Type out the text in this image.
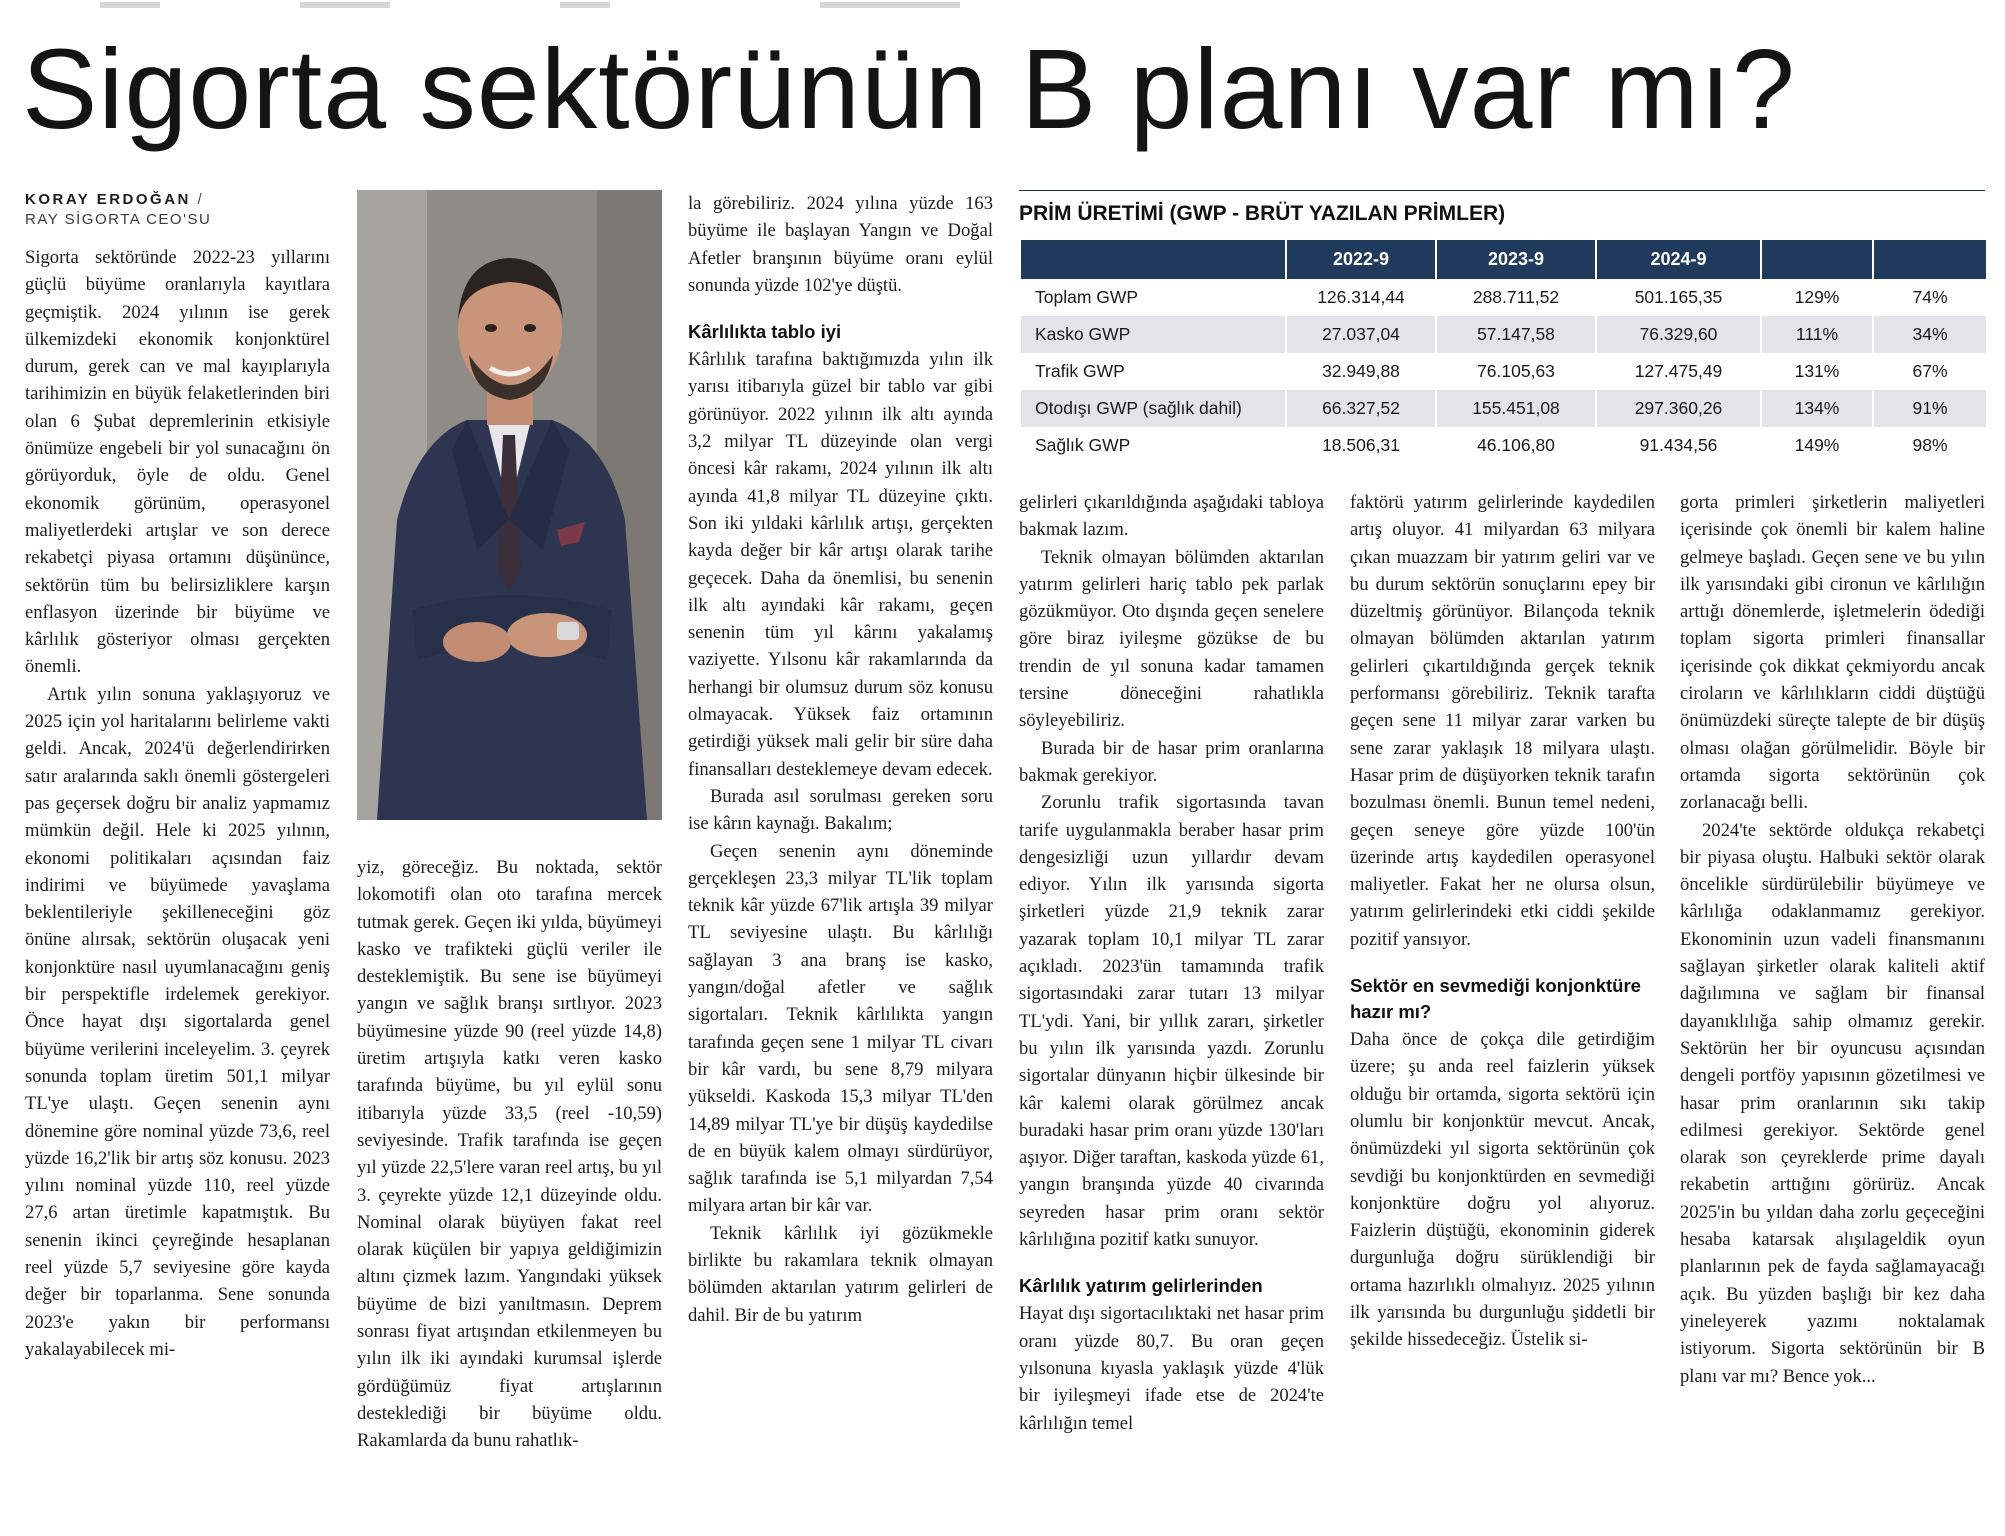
Sigorta sektörünün B planı var mı?
KORAY ERDOĞAN /
RAY SİGORTA CEO'SU

Sigorta sektöründe 2022-23 yıllarını güçlü büyüme oranlarıyla kayıtlara geçmiştik. 2024 yılının ise gerek ülkemizdeki ekonomik konjonktürel durum, gerek can ve mal kayıplarıyla tarihimizin en büyük felaketlerinden biri olan 6 Şubat depremlerinin etkisiyle önümüze engebeli bir yol sunacağını ön görüyorduk, öyle de oldu. Genel ekonomik görünüm, operasyonel maliyetlerdeki artışlar ve son derece rekabetçi piyasa ortamını düşününce, sektörün tüm bu belirsizliklere karşın enflasyon üzerinde bir büyüme ve kârlılık gösteriyor olması gerçekten önemli.

Artık yılın sonuna yaklaşıyoruz ve 2025 için yol haritalarını belirleme vakti geldi. Ancak, 2024'ü değerlendirirken satır aralarında saklı önemli göstergeleri pas geçersek doğru bir analiz yapmamız mümkün değil. Hele ki 2025 yılının, ekonomi politikaları açısından faiz indirimi ve büyümede yavaşlama beklentileriyle şekilleneceğini göz önüne alırsak, sektörün oluşacak yeni konjonktüre nasıl uyumlanacağını geniş bir perspektifle irdelemek gerekiyor. Önce hayat dışı sigortalarda genel büyüme verilerini inceleyelim. 3. çeyrek sonunda toplam üretim 501,1 milyar TL'ye ulaştı. Geçen senenin aynı dönemine göre nominal yüzde 73,6, reel yüzde 16,2'lik bir artış söz konusu. 2023 yılını nominal yüzde 110, reel yüzde 27,6 artan üretimle kapatmıştık. Bu senenin ikinci çeyreğinde hesaplanan reel yüzde 5,7 seviyesine göre kayda değer bir toparlanma. Sene sonunda 2023'e yakın bir performansı yakalayabilecek mi-

yiz, göreceğiz. Bu noktada, sektör lokomotifi olan oto tarafına mercek tutmak gerek. Geçen iki yılda, büyümeyi kasko ve trafikteki güçlü veriler ile desteklemiştik. Bu sene ise büyümeyi yangın ve sağlık branşı sırtlıyor. 2023 büyümesine yüzde 90 (reel yüzde 14,8) üretim artışıyla katkı veren kasko tarafında büyüme, bu yıl eylül sonu itibarıyla yüzde 33,5 (reel -10,59) seviyesinde. Trafik tarafında ise geçen yıl yüzde 22,5'lere varan reel artış, bu yıl 3. çeyrekte yüzde 12,1 düzeyinde oldu. Nominal olarak büyüyen fakat reel olarak küçülen bir yapıya geldiğimizin altını çizmek lazım. Yangındaki yüksek büyüme de bizi yanıltmasın. Deprem sonrası fiyat artışından etkilenmeyen bu yılın ilk iki ayındaki kurumsal işlerde gördüğümüz fiyat artışlarının desteklediği bir büyüme oldu. Rakamlarda da bunu rahatlık-

la görebiliriz. 2024 yılına yüzde 163 büyüme ile başlayan Yangın ve Doğal Afetler branşının büyüme oranı eylül sonunda yüzde 102'ye düştü.

Kârlılıkta tablo iyi

Kârlılık tarafına baktığımızda yılın ilk yarısı itibarıyla güzel bir tablo var gibi görünüyor. 2022 yılının ilk altı ayında 3,2 milyar TL düzeyinde olan vergi öncesi kâr rakamı, 2024 yılının ilk altı ayında 41,8 milyar TL düzeyine çıktı. Son iki yıldaki kârlılık artışı, gerçekten kayda değer bir kâr artışı olarak tarihe geçecek. Daha da önemlisi, bu senenin ilk altı ayındaki kâr rakamı, geçen senenin tüm yıl kârını yakalamış vaziyette. Yılsonu kâr rakamlarında da herhangi bir olumsuz durum söz konusu olmayacak. Yüksek faiz ortamının getirdiği yüksek mali gelir bir süre daha finansalları desteklemeye devam edecek.

Burada asıl sorulması gereken soru ise kârın kaynağı. Bakalım;

Geçen senenin aynı döneminde gerçekleşen 23,3 milyar TL'lik toplam teknik kâr yüzde 67'lik artışla 39 milyar TL seviyesine ulaştı. Bu kârlılığı sağlayan 3 ana branş ise kasko, yangın/doğal afetler ve sağlık sigortaları. Teknik kârlılıkta yangın tarafında geçen sene 1 milyar TL civarı bir kâr vardı, bu sene 8,79 milyara yükseldi. Kaskoda 15,3 milyar TL'den 14,89 milyar TL'ye bir düşüş kaydedilse de en büyük kalem olmayı sürdürüyor, sağlık tarafında ise 5,1 milyardan 7,54 milyara artan bir kâr var.

Teknik kârlılık iyi gözükmekle birlikte bu rakamlara teknik olmayan bölümden aktarılan yatırım gelirleri de dahil. Bir de bu yatırım

PRİM ÜRETİMİ (GWP - BRÜT YAZILAN PRİMLER)
	2022-9	2023-9	2024-9		
Toplam GWP	126.314,44	288.711,52	501.165,35	129%	74%
Kasko GWP	27.037,04	57.147,58	76.329,60	111%	34%
Trafik GWP	32.949,88	76.105,63	127.475,49	131%	67%
Otodışı GWP (sağlık dahil)	66.327,52	155.451,08	297.360,26	134%	91%
Sağlık GWP	18.506,31	46.106,80	91.434,56	149%	98%

gelirleri çıkarıldığında aşağıdaki tabloya bakmak lazım.

Teknik olmayan bölümden aktarılan yatırım gelirleri hariç tablo pek parlak gözükmüyor. Oto dışında geçen senelere göre biraz iyileşme gözükse de bu trendin de yıl sonuna kadar tamamen tersine döneceğini rahatlıkla söyleyebiliriz.

Burada bir de hasar prim oranlarına bakmak gerekiyor.

Zorunlu trafik sigortasında tavan tarife uygulanmakla beraber hasar prim dengesizliği uzun yıllardır devam ediyor. Yılın ilk yarısında sigorta şirketleri yüzde 21,9 teknik zarar yazarak toplam 10,1 milyar TL zarar açıkladı. 2023'ün tamamında trafik sigortasındaki zarar tutarı 13 milyar TL'ydi. Yani, bir yıllık zararı, şirketler bu yılın ilk yarısında yazdı. Zorunlu sigortalar dünyanın hiçbir ülkesinde bir kâr kalemi olarak görülmez ancak buradaki hasar prim oranı yüzde 130'ları aşıyor. Diğer taraftan, kaskoda yüzde 61, yangın branşında yüzde 40 civarında seyreden hasar prim oranı sektör kârlılığına pozitif katkı sunuyor.

Kârlılık yatırım gelirlerinden

Hayat dışı sigortacılıktaki net hasar prim oranı yüzde 80,7. Bu oran geçen yılsonuna kıyasla yaklaşık yüzde 4'lük bir iyileşmeyi ifade etse de 2024'te kârlılığın temel

faktörü yatırım gelirlerinde kaydedilen artış oluyor. 41 milyardan 63 milyara çıkan muazzam bir yatırım geliri var ve bu durum sektörün sonuçlarını epey bir düzeltmiş görünüyor. Bilançoda teknik olmayan bölümden aktarılan yatırım gelirleri çıkartıldığında gerçek teknik performansı görebiliriz. Teknik tarafta geçen sene 11 milyar zarar varken bu sene zarar yaklaşık 18 milyara ulaştı. Hasar prim de düşüyorken teknik tarafın bozulması önemli. Bunun temel nedeni, geçen seneye göre yüzde 100'ün üzerinde artış kaydedilen operasyonel maliyetler. Fakat her ne olursa olsun, yatırım gelirlerindeki etki ciddi şekilde pozitif yansıyor.

Sektör en sevmediği konjonktüre hazır mı?

Daha önce de çokça dile getirdiğim üzere; şu anda reel faizlerin yüksek olduğu bir ortamda, sigorta sektörü için olumlu bir konjonktür mevcut. Ancak, önümüzdeki yıl sigorta sektörünün çok sevdiği bu konjonktürden en sevmediği konjonktüre doğru yol alıyoruz. Faizlerin düştüğü, ekonominin giderek durgunluğa doğru sürüklendiği bir ortama hazırlıklı olmalıyız. 2025 yılının ilk yarısında bu durgunluğu şiddetli bir şekilde hissedeceğiz. Üstelik si-

gorta primleri şirketlerin maliyetleri içerisinde çok önemli bir kalem haline gelmeye başladı. Geçen sene ve bu yılın ilk yarısındaki gibi cironun ve kârlılığın arttığı dönemlerde, işletmelerin ödediği toplam sigorta primleri finansallar içerisinde çok dikkat çekmiyordu ancak ciroların ve kârlılıkların ciddi düştüğü önümüzdeki süreçte talepte de bir düşüş olması olağan görülmelidir. Böyle bir ortamda sigorta sektörünün çok zorlanacağı belli.

2024'te sektörde oldukça rekabetçi bir piyasa oluştu. Halbuki sektör olarak öncelikle sürdürülebilir büyümeye ve kârlılığa odaklanmamız gerekiyor. Ekonominin uzun vadeli finansmanını sağlayan şirketler olarak kaliteli aktif dağılımına ve sağlam bir finansal dayanıklılığa sahip olmamız gerekir. Sektörün her bir oyuncusu açısından dengeli portföy yapısının gözetilmesi ve hasar prim oranlarının sıkı takip edilmesi gerekiyor. Sektörde genel olarak son çeyreklerde prime dayalı rekabetin arttığını görürüz. Ancak 2025'in bu yıldan daha zorlu geçeceğini hesaba katarsak alışılageldik oyun planlarının pek de fayda sağlamayacağı açık. Bu yüzden başlığı bir kez daha yineleyerek yazımı noktalamak istiyorum. Sigorta sektörünün bir B planı var mı? Bence yok...
